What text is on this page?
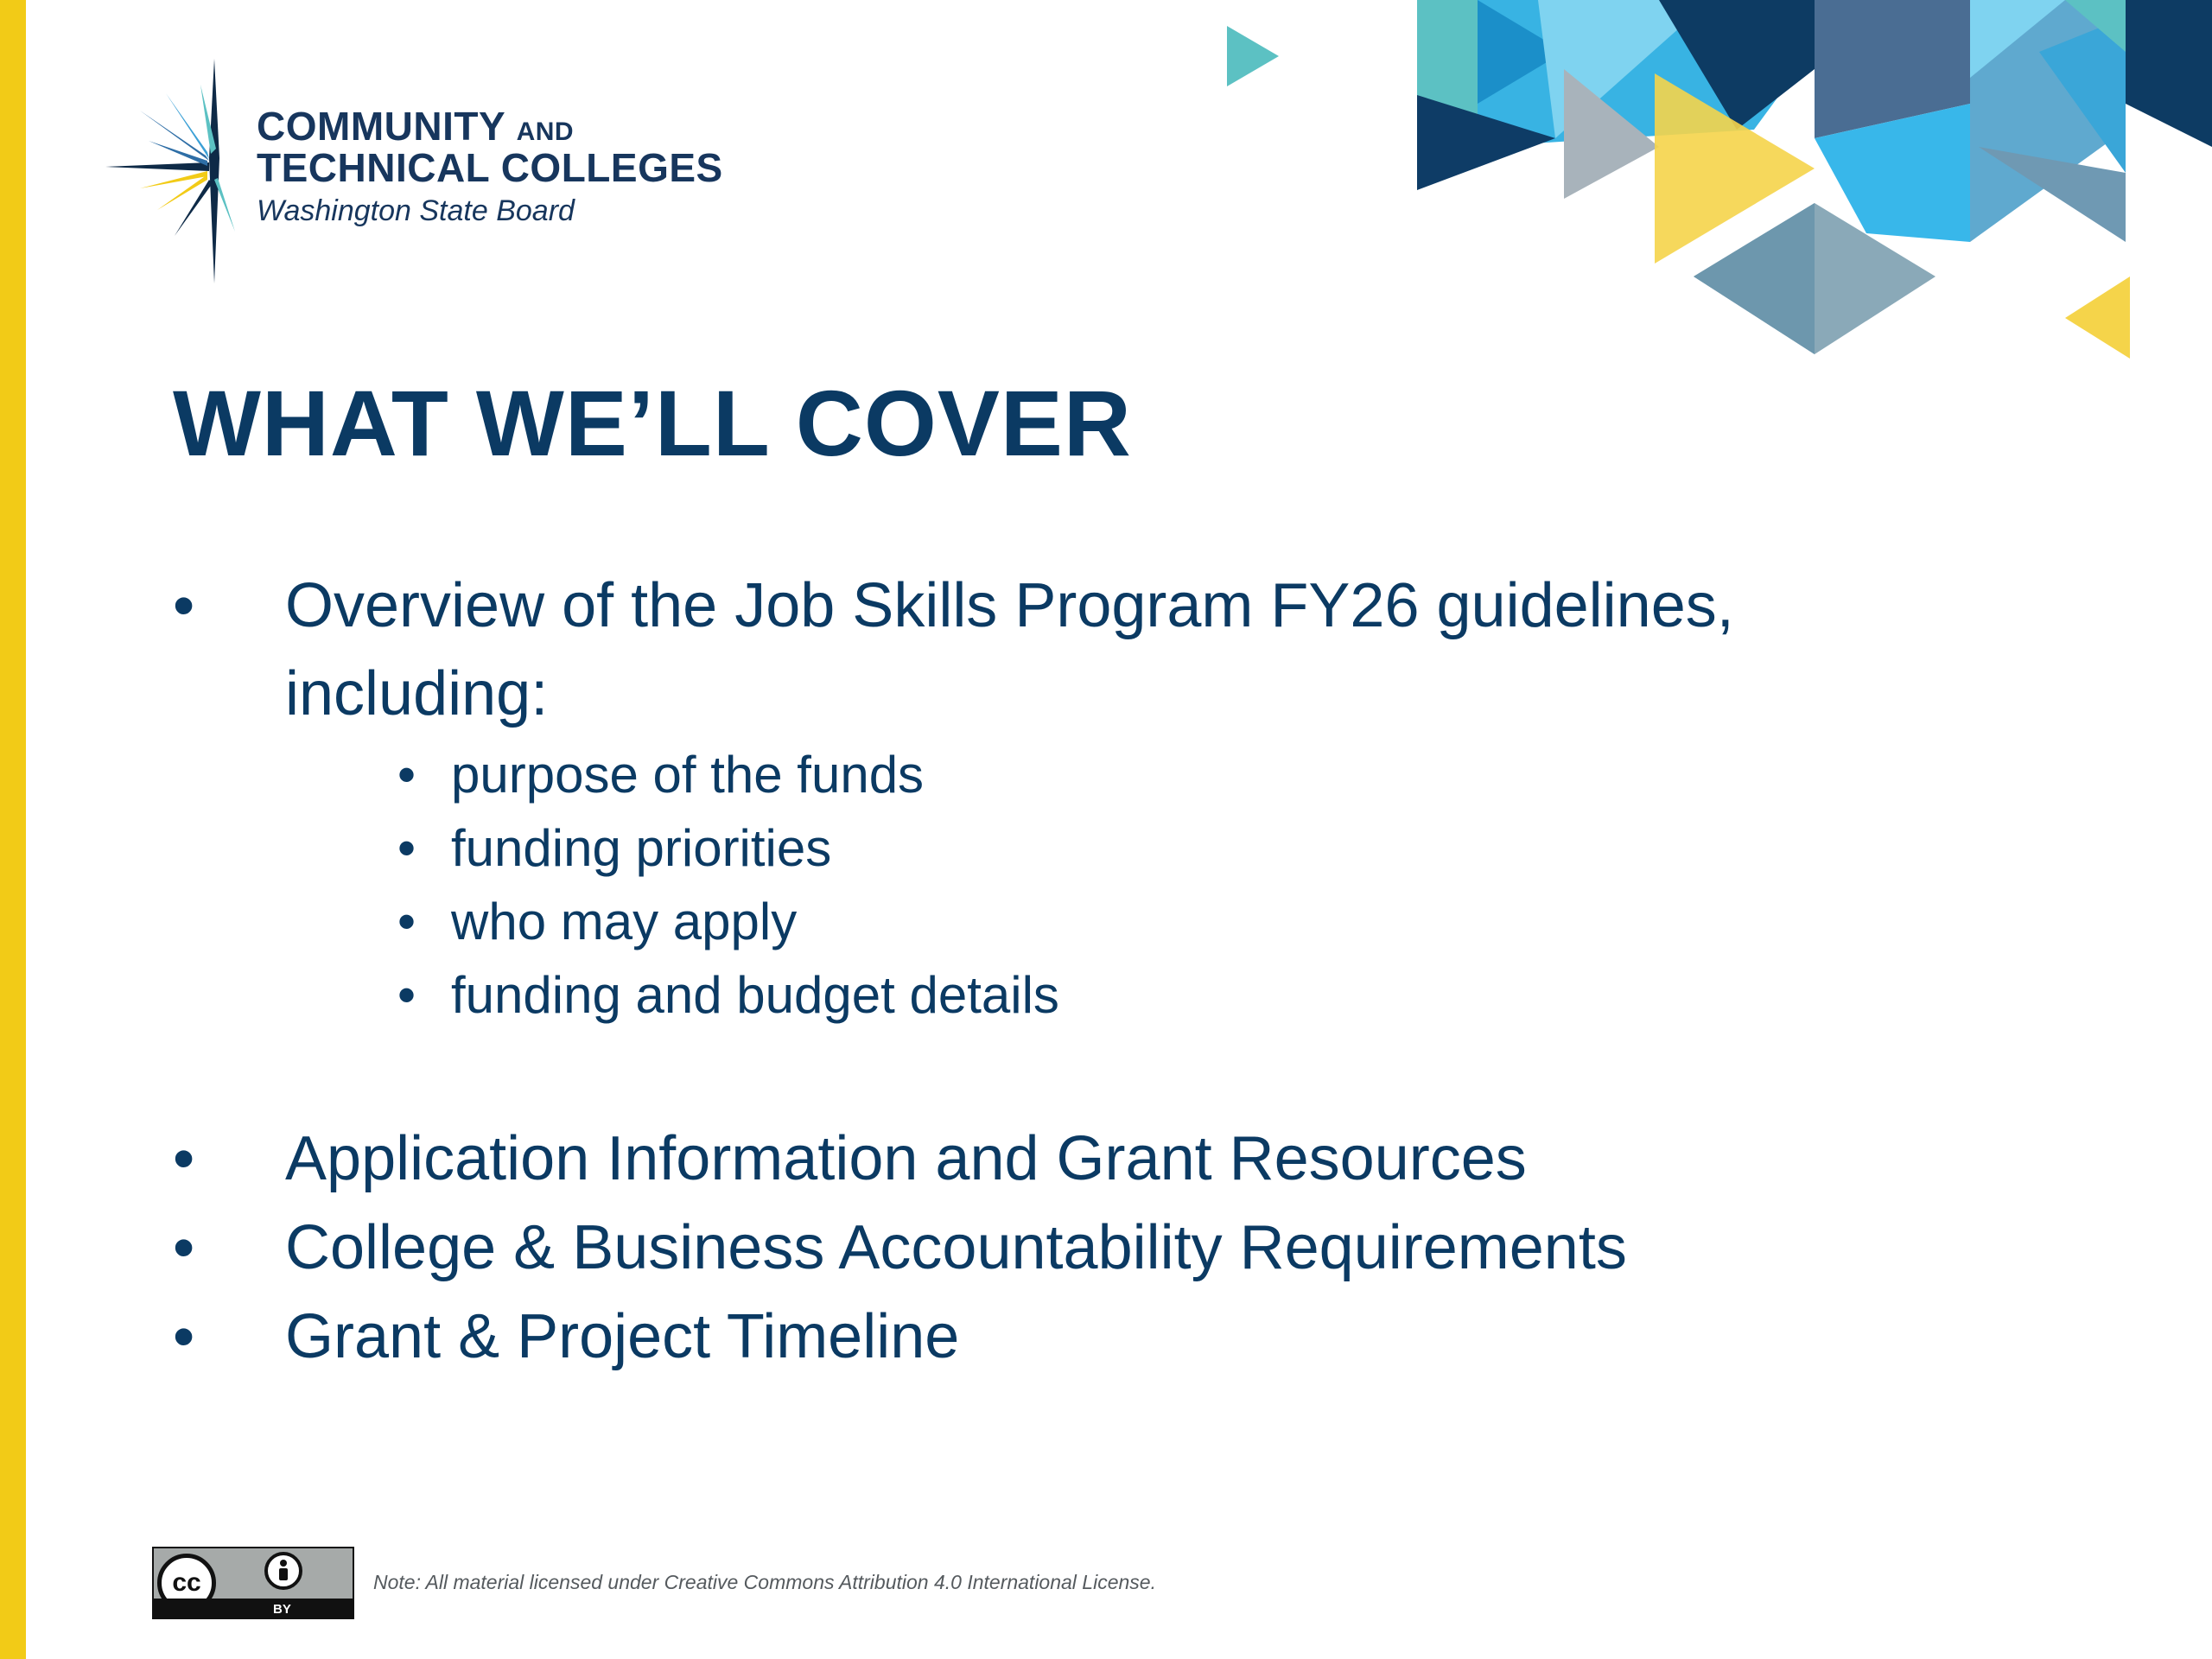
COMMUNITY AND
TECHNICAL COLLEGES
Washington State Board
WHAT WE’LL COVER
• Overview of the Job Skills Program FY26 guidelines,
including:
• purpose of the funds
• funding priorities
• who may apply
• funding and budget details
• Application Information and Grant Resources
• College & Business Accountability Requirements
• Grant & Project Timeline
cc
BY
Note: All material licensed under Creative Commons Attribution 4.0 International License.
